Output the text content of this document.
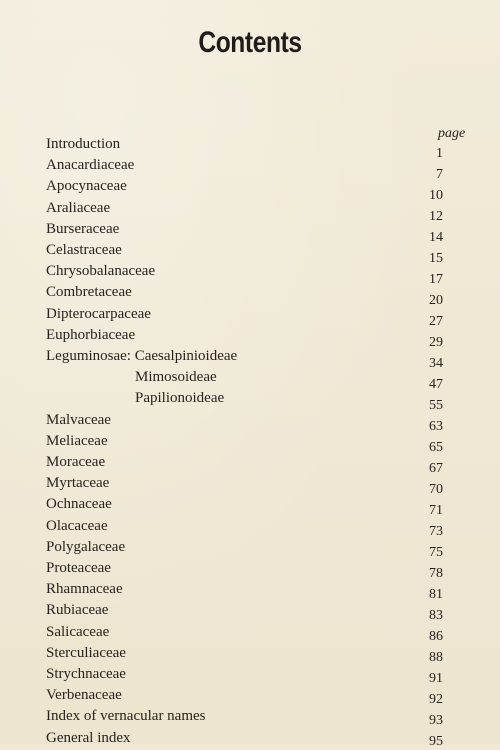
Contents
page
Introduction
Anacardiaceae
Apocynaceae
Araliaceae
Burseraceae
Celastraceae
Chrysobalanaceae
Combretaceae
Dipterocarpaceae
Euphorbiaceae
Leguminosae: Caesalpinioideae
Mimosoideae
Papilionoideae
Malvaceae
Meliaceae
Moraceae
Myrtaceae
Ochnaceae
Olacaceae
Polygalaceae
Proteaceae
Rhamnaceae
Rubiaceae
Salicaceae
Sterculiaceae
Strychnaceae
Verbenaceae
Index of vernacular names
General index
1
7
10
12
14
15
17
20
27
29
34
47
55
63
65
67
70
71
73
75
78
81
83
86
88
91
92
93
95
